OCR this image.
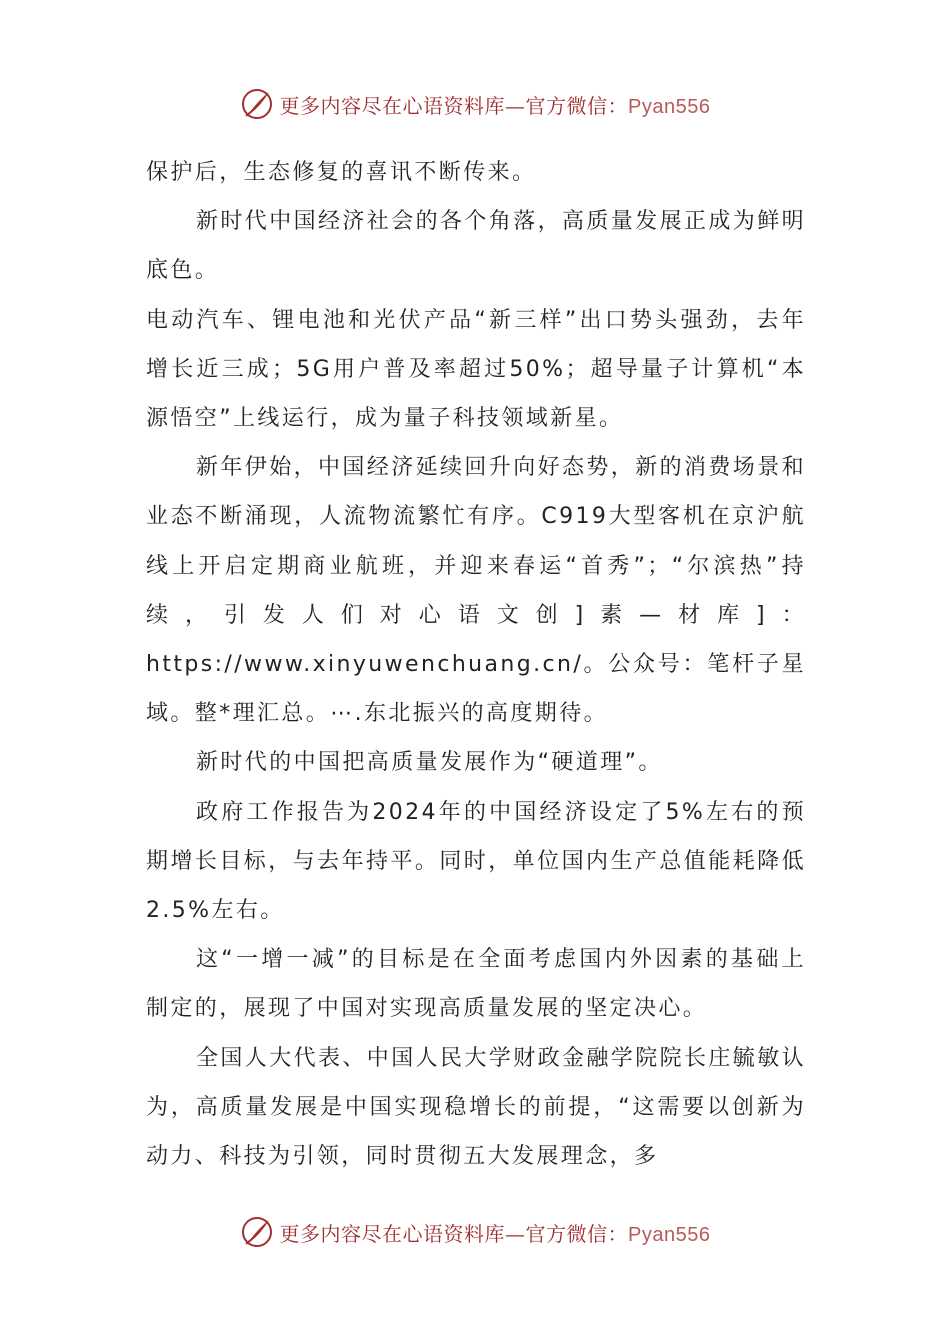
更多内容尽在心语资料库—官方微信：Pyan556

保护后，生态修复的喜讯不断传来。

新时代中国经济社会的各个角落，高质量发展正成为鲜明底色。

电动汽车、锂电池和光伏产品“新三样”出口势头强劲，去年增长近三成；5G用户普及率超过50%；超导量子计算机“本源悟空”上线运行，成为量子科技领域新星。

新年伊始，中国经济延续回升向好态势，新的消费场景和业态不断涌现，人流物流繁忙有序。C919大型客机在京沪航线上开启定期商业航班，并迎来春运“首秀”；“尔滨热”持续，引发人们对心语文创]素—材库]：https://www.xinyuwenchuang.cn/。公众号：笔杆子星域。整*理汇总。⋯.东北振兴的高度期待。

新时代的中国把高质量发展作为“硬道理”。

政府工作报告为2024年的中国经济设定了5%左右的预期增长目标，与去年持平。同时，单位国内生产总值能耗降低2.5%左右。

这“一增一减”的目标是在全面考虑国内外因素的基础上制定的，展现了中国对实现高质量发展的坚定决心。

全国人大代表、中国人民大学财政金融学院院长庄毓敏认为，高质量发展是中国实现稳增长的前提，“这需要以创新为动力、科技为引领，同时贯彻五大发展理念，多

更多内容尽在心语资料库—官方微信：Pyan556
